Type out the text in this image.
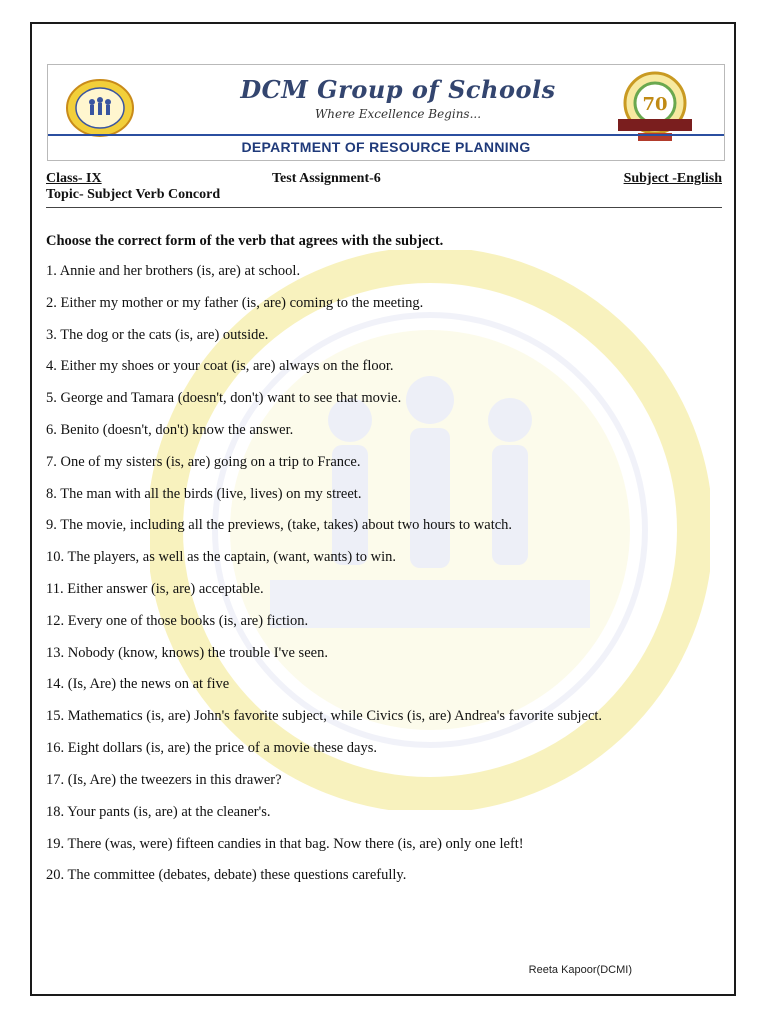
DCM Group of Schools
Where Excellence Begins...	70
DEPARTMENT OF RESOURCE PLANNING
Class- IX	Test Assignment-6	Subject -English
Topic- Subject Verb Concord
Choose the correct form of the verb that agrees with the subject.
1. Annie and her brothers (is, are) at school.
2. Either my mother or my father (is, are) coming to the meeting.
3. The dog or the cats (is, are) outside.
4. Either my shoes or your coat (is, are) always on the floor.
5. George and Tamara (doesn't, don't) want to see that movie.
6. Benito (doesn't, don't) know the answer.
7. One of my sisters (is, are) going on a trip to France.
8. The man with all the birds (live, lives) on my street.
9. The movie, including all the previews, (take, takes) about two hours to watch.
10. The players, as well as the captain, (want, wants) to win.
11. Either answer (is, are) acceptable.
12. Every one of those books (is, are) fiction.
13. Nobody (know, knows) the trouble I've seen.
14. (Is, Are) the news on at five
15. Mathematics (is, are) John's favorite subject, while Civics (is, are) Andrea's favorite subject.
16. Eight dollars (is, are) the price of a movie these days.
17. (Is, Are) the tweezers in this drawer?
18. Your pants (is, are) at the cleaner's.
19. There (was, were) fifteen candies in that bag. Now there (is, are) only one left!
20. The committee (debates, debate) these questions carefully.
Reeta Kapoor(DCMI)
